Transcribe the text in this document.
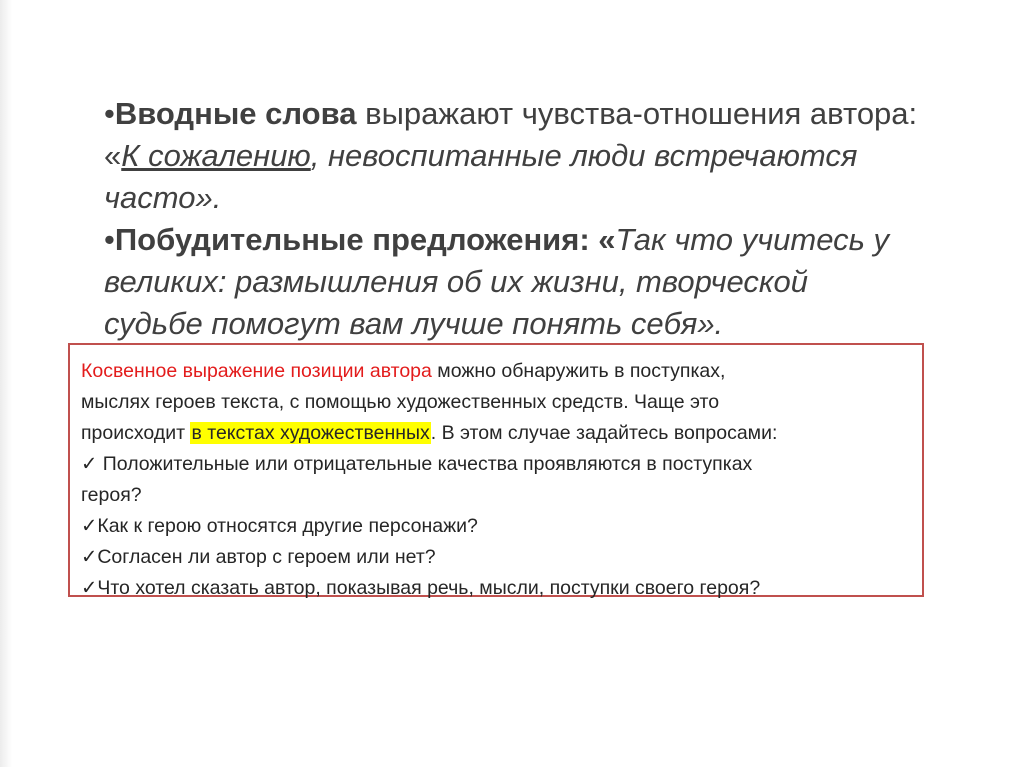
•Вводные слова выражают чувства-отношения автора:
«К сожалению, невоспитанные люди встречаются
часто».

•Побудительные предложения: «Так что учитесь у
великих: размышления об их жизни, творческой
судьбе помогут вам лучше понять себя».

Косвенное выражение позиции автора можно обнаружить в поступках,
мыслях героев текста, с помощью художественных средств. Чаще это
происходит в текстах художественных. В этом случае задайтесь вопросами:
✓ Положительные или отрицательные качества проявляются в поступках
героя?
✓Как к герою относятся другие персонажи?
✓Согласен ли автор с героем или нет?
✓Что хотел сказать автор, показывая речь, мысли, поступки своего героя?
